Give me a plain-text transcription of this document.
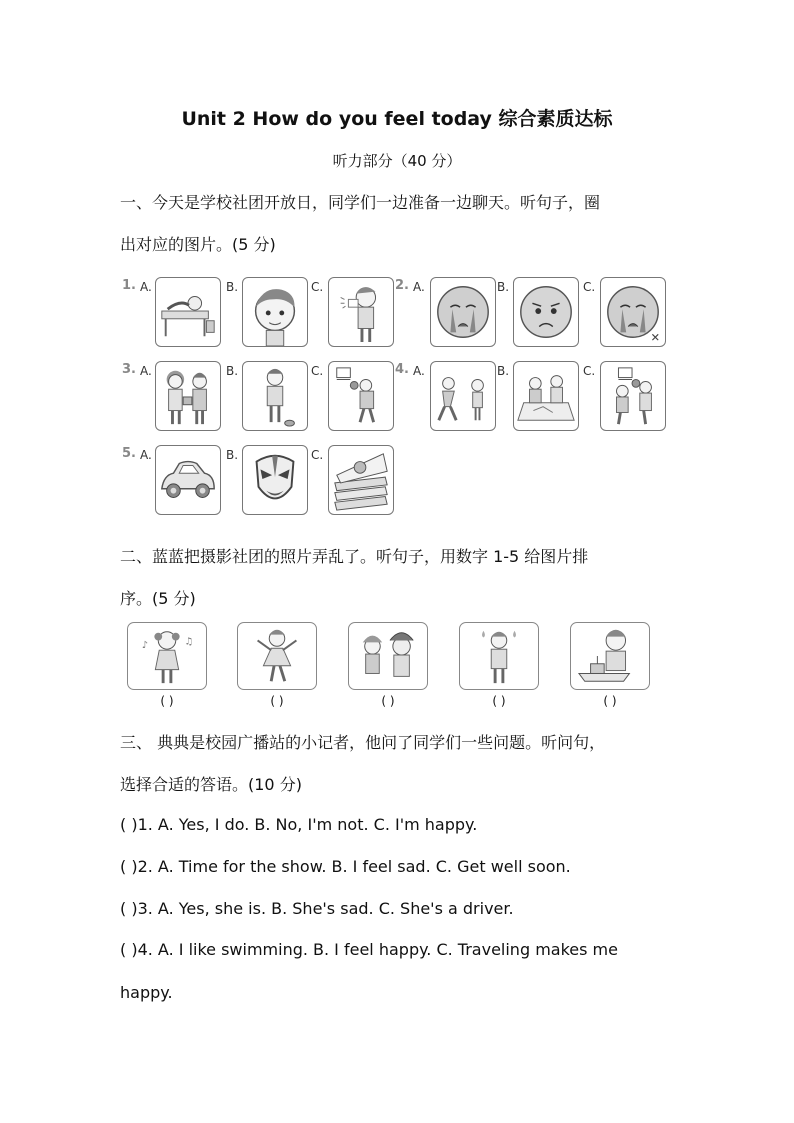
Unit 2 How do you feel today 综合素质达标
听力部分（40 分）
一、今天是学校社团开放日，同学们一边准备一边聊天。听句子，圈
出对应的图片。(5 分)
1.	2.
3.	4.
5.
A.	B.	C.	A.	B.	C.
A.	B.	C.	A.	B.	C.
A.	B.	C.
二、蓝蓝把摄影社团的照片弄乱了。听句子，用数字 1-5 给图片排
序。(5 分)
♪	♫
( )	( )	( )	( )	( )
三、 典典是校园广播站的小记者，他问了同学们一些问题。听问句，
选择合适的答语。(10 分)
( )1. A. Yes, I do. B. No, I'm not. C. I'm happy.
( )2. A. Time for the show. B. I feel sad. C. Get well soon.
( )3. A. Yes, she is. B. She's sad. C. She's a driver.
( )4. A. I like swimming. B. I feel happy. C. Traveling makes me
happy.
